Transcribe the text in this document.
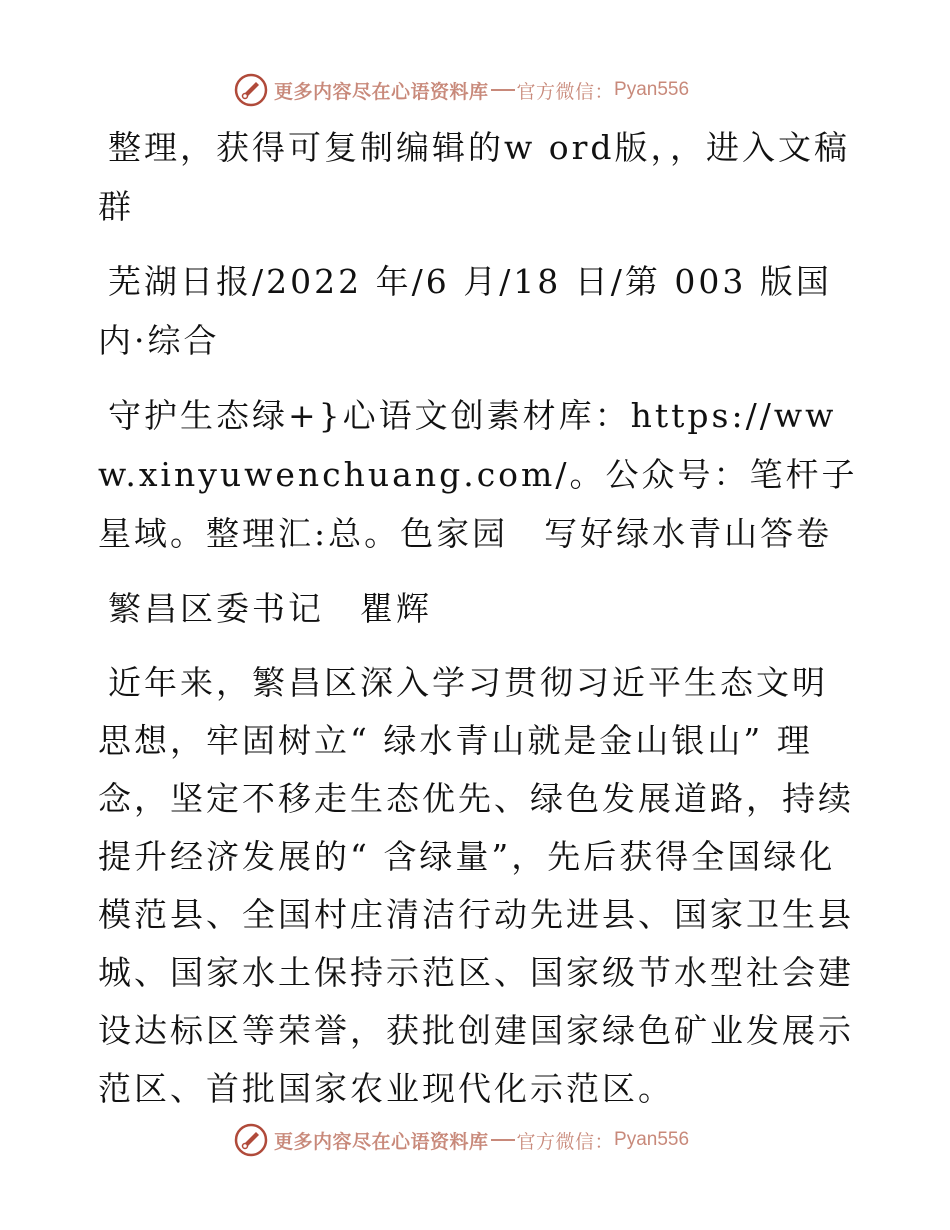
更多内容尽在心语资料库 官方微信： Pyan556

整理，获得可复制编辑的w ord版，，进入文稿群

芜湖日报/2022 年/6 月/18 日/第 003 版国内·综合

守护生态绿+}心语文创素材库：https://www.xinyuwenchuang.com/。公众号：笔杆子星域。整理汇:总。色家园　写好绿水青山答卷

繁昌区委书记　瞿辉

近年来，繁昌区深入学习贯彻习近平生态文明思想，牢固树立“ 绿水青山就是金山银山” 理念，坚定不移走生态优先、绿色发展道路，持续提升经济发展的“ 含绿量”，先后获得全国绿化模范县、全国村庄清洁行动先进县、国家卫生县城、国家水土保持示范区、国家级节水型社会建设达标区等荣誉，获批创建国家绿色矿业发展示范区、首批国家农业现代化示范区。

更多内容尽在心语资料库 官方微信： Pyan556
